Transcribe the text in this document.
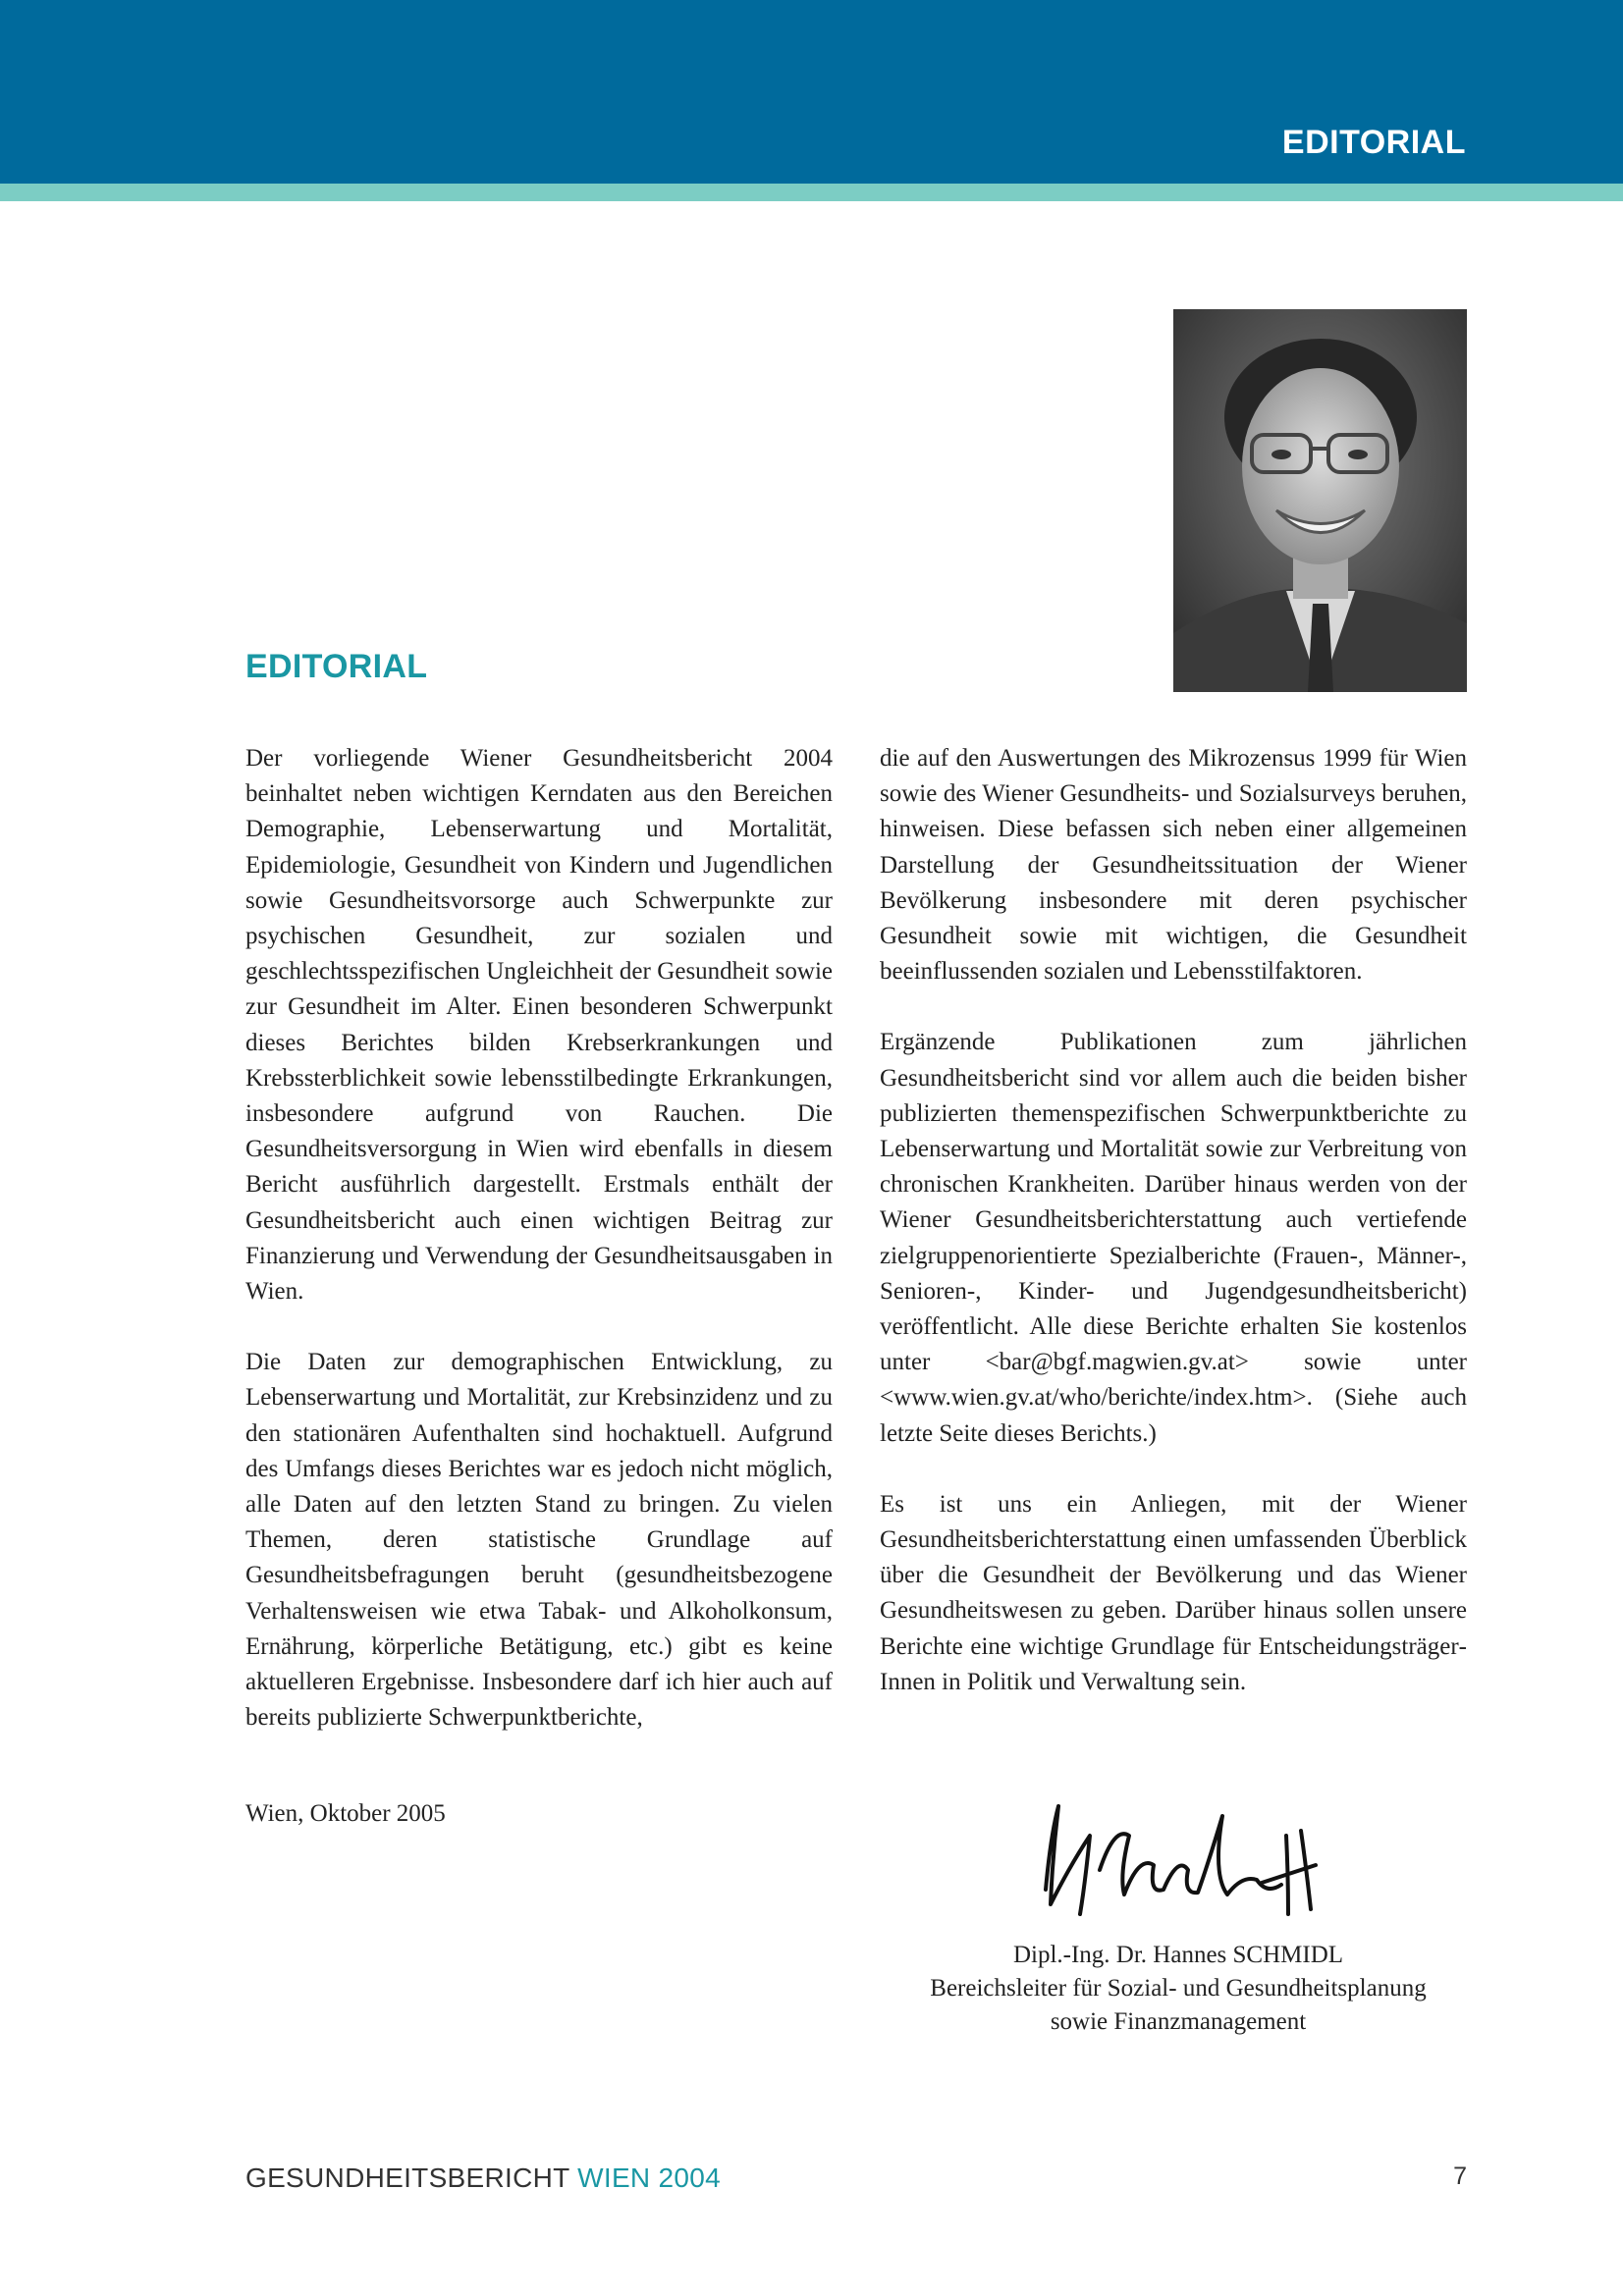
EDITORIAL
EDITORIAL

Der vorliegende Wiener Gesundheitsbericht 2004 beinhaltet neben wichtigen Kerndaten aus den Bereichen Demographie, Lebenserwartung und Mortalität, Epidemiologie, Gesundheit von Kindern und Jugendlichen sowie Gesundheitsvorsorge auch Schwerpunkte zur psychischen Gesundheit, zur sozialen und geschlechtsspezifischen Ungleichheit der Gesundheit sowie zur Gesundheit im Alter. Einen besonderen Schwerpunkt dieses Berichtes bilden Krebserkrankungen und Krebssterblichkeit sowie lebensstilbedingte Erkrankungen, insbesondere aufgrund von Rauchen. Die Gesundheitsversorgung in Wien wird ebenfalls in diesem Bericht ausführlich dargestellt. Erstmals enthält der Gesundheitsbericht auch einen wichtigen Beitrag zur Finanzierung und Verwendung der Gesundheitsausgaben in Wien.

Die Daten zur demographischen Entwicklung, zu Lebenserwartung und Mortalität, zur Krebsinzidenz und zu den stationären Aufenthalten sind hochaktuell. Aufgrund des Umfangs dieses Berichtes war es jedoch nicht möglich, alle Daten auf den letzten Stand zu bringen. Zu vielen Themen, deren statistische Grundlage auf Gesundheitsbefragungen beruht (gesundheitsbezogene Verhaltensweisen wie etwa Tabak- und Alkoholkonsum, Ernährung, körperliche Betätigung, etc.) gibt es keine aktuelleren Ergebnisse. Insbesondere darf ich hier auch auf bereits publizierte Schwerpunktberichte,

die auf den Auswertungen des Mikrozensus 1999 für Wien sowie des Wiener Gesundheits- und Sozialsurveys beruhen, hinweisen. Diese befassen sich neben einer allgemeinen Darstellung der Gesundheitssituation der Wiener Bevölkerung insbesondere mit deren psychischer Gesundheit sowie mit wichtigen, die Gesundheit beeinflussenden sozialen und Lebensstilfaktoren.

Ergänzende Publikationen zum jährlichen Gesundheitsbericht sind vor allem auch die beiden bisher publizierten themenspezifischen Schwerpunktberichte zu Lebenserwartung und Mortalität sowie zur Verbreitung von chronischen Krankheiten. Darüber hinaus werden von der Wiener Gesundheitsberichterstattung auch vertiefende zielgruppenorientierte Spezialberichte (Frauen-, Männer-, Senioren-, Kinder- und Jugendgesundheitsbericht) veröffentlicht. Alle diese Berichte erhalten Sie kostenlos unter <bar@bgf.magwien.gv.at> sowie unter <www.wien.gv.at/who/berichte/index.htm>. (Siehe auch letzte Seite dieses Berichts.)

Es ist uns ein Anliegen, mit der Wiener Gesundheitsberichterstattung einen umfassenden Überblick über die Gesundheit der Bevölkerung und das Wiener Gesundheitswesen zu geben. Darüber hinaus sollen unsere Berichte eine wichtige Grundlage für EntscheidungsträgerInnen in Politik und Verwaltung sein.

Wien, Oktober 2005
Dipl.-Ing. Dr. Hannes SCHMIDL
Bereichsleiter für Sozial- und Gesundheitsplanung
sowie Finanzmanagement
GESUNDHEITSBERICHT WIEN 2004	7
